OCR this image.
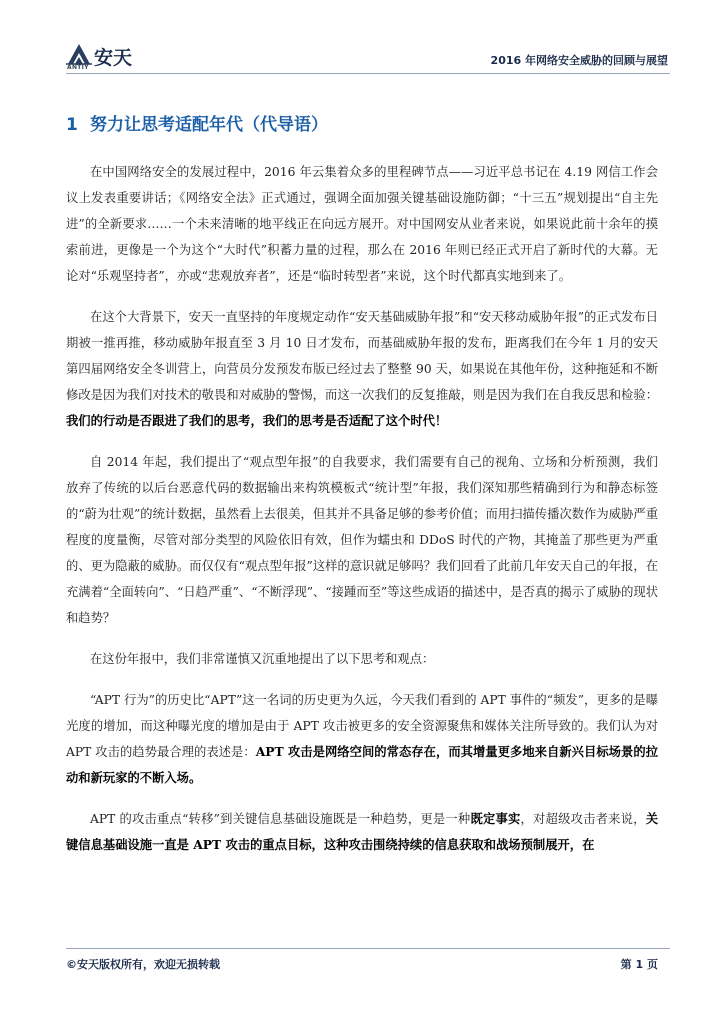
ANTIY 安天	2016 年网络安全威胁的回顾与展望
1 努力让思考适配年代（代导语）

在中国网络安全的发展过程中，2016 年云集着众多的里程碑节点——习近平总书记在 4.19 网信工作会议上发表重要讲话；《网络安全法》正式通过，强调全面加强关键基础设施防御；“十三五”规划提出“自主先进”的全新要求……一个未来清晰的地平线正在向远方展开。对中国网安从业者来说，如果说此前十余年的摸索前进，更像是一个为这个“大时代”积蓄力量的过程，那么在 2016 年则已经正式开启了新时代的大幕。无论对“乐观坚持者”，亦或“悲观放弃者”，还是“临时转型者”来说，这个时代都真实地到来了。

在这个大背景下，安天一直坚持的年度规定动作“安天基础威胁年报”和“安天移动威胁年报”的正式发布日期被一推再推，移动威胁年报直至 3 月 10 日才发布，而基础威胁年报的发布，距离我们在今年 1 月的安天第四届网络安全冬训营上，向营员分发预发布版已经过去了整整 90 天，如果说在其他年份，这种拖延和不断修改是因为我们对技术的敬畏和对威胁的警惕，而这一次我们的反复推敲，则是因为我们在自我反思和检验：我们的行动是否跟进了我们的思考，我们的思考是否适配了这个时代！

自 2014 年起，我们提出了“观点型年报”的自我要求，我们需要有自己的视角、立场和分析预测，我们放弃了传统的以后台恶意代码的数据输出来构筑模板式“统计型”年报，我们深知那些精确到行为和静态标签的“蔚为壮观”的统计数据，虽然看上去很美，但其并不具备足够的参考价值；而用扫描传播次数作为威胁严重程度的度量衡，尽管对部分类型的风险依旧有效，但作为蠕虫和 DDoS 时代的产物，其掩盖了那些更为严重的、更为隐蔽的威胁。而仅仅有“观点型年报”这样的意识就足够吗？我们回看了此前几年安天自己的年报，在充满着“全面转向”、“日趋严重”、“不断浮现”、“接踵而至”等这些成语的描述中，是否真的揭示了威胁的现状和趋势？

在这份年报中，我们非常谨慎又沉重地提出了以下思考和观点：

“APT 行为”的历史比“APT”这一名词的历史更为久远，今天我们看到的 APT 事件的“频发”，更多的是曝光度的增加，而这种曝光度的增加是由于 APT 攻击被更多的安全资源聚焦和媒体关注所导致的。我们认为对 APT 攻击的趋势最合理的表述是：APT 攻击是网络空间的常态存在，而其增量更多地来自新兴目标场景的拉动和新玩家的不断入场。

APT 的攻击重点“转移”到关键信息基础设施既是一种趋势，更是一种既定事实，对超级攻击者来说，关键信息基础设施一直是 APT 攻击的重点目标，这种攻击围绕持续的信息获取和战场预制展开，在

©安天版权所有，欢迎无损转载	第 1 页
